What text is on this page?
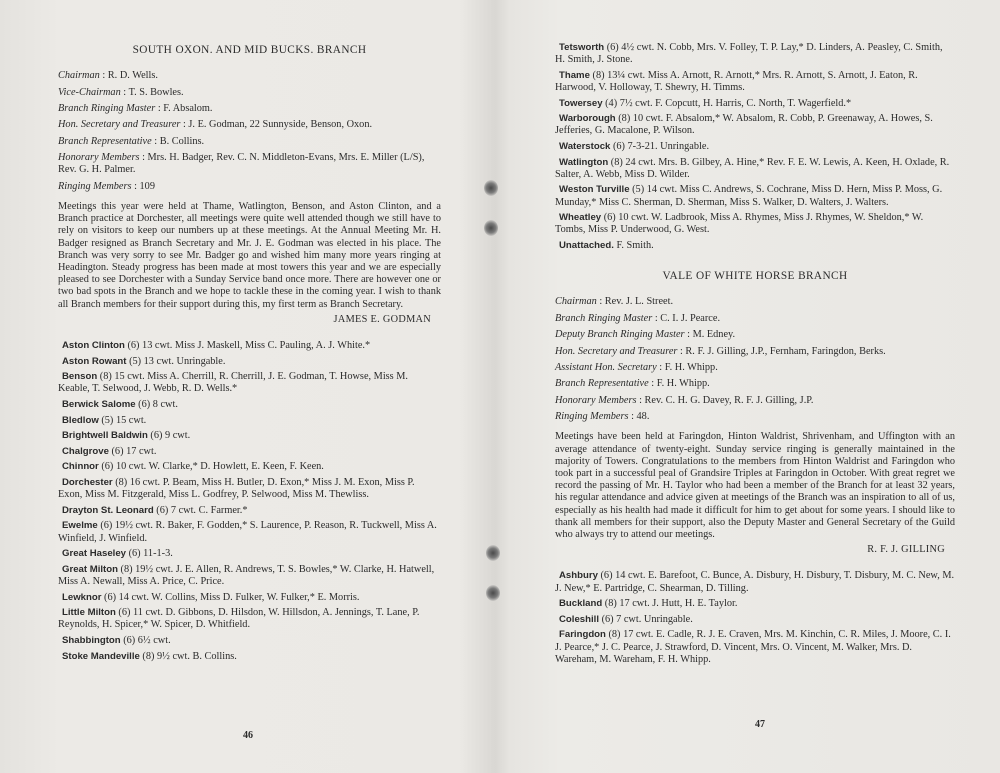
SOUTH OXON. AND MID BUCKS. BRANCH
Chairman : R. D. Wells.
Vice-Chairman : T. S. Bowles.
Branch Ringing Master : F. Absalom.
Hon. Secretary and Treasurer : J. E. Godman, 22 Sunnyside, Benson, Oxon.
Branch Representative : B. Collins.
Honorary Members : Mrs. H. Badger, Rev. C. N. Middleton-Evans, Mrs. E. Miller (L/S), Rev. G. H. Palmer.
Ringing Members : 109

Meetings this year were held at Thame, Watlington, Benson, and Aston Clinton, and a Branch practice at Dorchester, all meetings were quite well attended though we still have to rely on visitors to keep our numbers up at these meetings. At the Annual Meeting Mr. H. Badger resigned as Branch Secretary and Mr. J. E. Godman was elected in his place. The Branch was very sorry to see Mr. Badger go and wished him many more years ringing at Headington. Steady progress has been made at most towers this year and we are especially pleased to see Dorchester with a Sunday Service band once more. There are however one or two bad spots in the Branch and we hope to tackle these in the coming year. I wish to thank all Branch members for their support during this, my first term as Branch Secretary.

JAMES E. GODMAN
Aston Clinton (6) 13 cwt. Miss J. Maskell, Miss C. Pauling, A. J. White.*
Aston Rowant (5) 13 cwt. Unringable.
Benson (8) 15 cwt. Miss A. Cherrill, R. Cherrill, J. E. Godman, T. Howse, Miss M. Keable, T. Selwood, J. Webb, R. D. Wells.*
Berwick Salome (6) 8 cwt.
Bledlow (5) 15 cwt.
Brightwell Baldwin (6) 9 cwt.
Chalgrove (6) 17 cwt.
Chinnor (6) 10 cwt. W. Clarke,* D. Howlett, E. Keen, F. Keen.
Dorchester (8) 16 cwt. P. Beam, Miss H. Butler, D. Exon,* Miss J. M. Exon, Miss P. Exon, Miss M. Fitzgerald, Miss L. Godfrey, P. Selwood, Miss M. Thewliss.
Drayton St. Leonard (6) 7 cwt. C. Farmer.*
Ewelme (6) 19½ cwt. R. Baker, F. Godden,* S. Laurence, P. Reason, R. Tuckwell, Miss A. Winfield, J. Winfield.
Great Haseley (6) 11-1-3.
Great Milton (8) 19½ cwt. J. E. Allen, R. Andrews, T. S. Bowles,* W. Clarke, H. Hatwell, Miss A. Newall, Miss A. Price, C. Price.
Lewknor (6) 14 cwt. W. Collins, Miss D. Fulker, W. Fulker,* E. Morris.
Little Milton (6) 11 cwt. D. Gibbons, D. Hilsdon, W. Hillsdon, A. Jennings, T. Lane, P. Reynolds, H. Spicer,* W. Spicer, D. Whitfield.
Shabbington (6) 6½ cwt.
Stoke Mandeville (8) 9½ cwt. B. Collins.
46
47
Tetsworth (6) 4½ cwt. N. Cobb, Mrs. V. Folley, T. P. Lay,* D. Linders, A. Peasley, C. Smith, H. Smith, J. Stone.
Thame (8) 13¼ cwt. Miss A. Arnott, R. Arnott,* Mrs. R. Arnott, S. Arnott, J. Eaton, R. Harwood, V. Holloway, T. Shewry, H. Timms.
Towersey (4) 7½ cwt. F. Copcutt, H. Harris, C. North, T. Wagerfield.*
Warborough (8) 10 cwt. F. Absalom,* W. Absalom, R. Cobb, P. Greenaway, A. Howes, S. Jefferies, G. Macalone, P. Wilson.
Waterstock (6) 7-3-21. Unringable.
Watlington (8) 24 cwt. Mrs. B. Gilbey, A. Hine,* Rev. F. E. W. Lewis, A. Keen, H. Oxlade, R. Salter, A. Webb, Miss D. Wilder.
Weston Turville (5) 14 cwt. Miss C. Andrews, S. Cochrane, Miss D. Hern, Miss P. Moss, G. Munday,* Miss C. Sherman, D. Sherman, Miss S. Walker, D. Walters, J. Walters.
Wheatley (6) 10 cwt. W. Ladbrook, Miss A. Rhymes, Miss J. Rhymes, W. Sheldon,* W. Tombs, Miss P. Underwood, G. West.
Unattached. F. Smith.
VALE OF WHITE HORSE BRANCH
Chairman : Rev. J. L. Street.
Branch Ringing Master : C. I. J. Pearce.
Deputy Branch Ringing Master : M. Edney.
Hon. Secretary and Treasurer : R. F. J. Gilling, J.P., Fernham, Faringdon, Berks.
Assistant Hon. Secretary : F. H. Whipp.
Branch Representative : F. H. Whipp.
Honorary Members : Rev. C. H. G. Davey, R. F. J. Gilling, J.P.
Ringing Members : 48.

Meetings have been held at Faringdon, Hinton Waldrist, Shrivenham, and Uffington with an average attendance of twenty-eight. Sunday service ringing is generally maintained in the majority of Towers. Congratulations to the members from Hinton Waldrist and Faringdon who took part in a successful peal of Grandsire Triples at Faringdon in October. With great regret we record the passing of Mr. H. Taylor who had been a member of the Branch for at least 32 years, his regular attendance and advice given at meetings of the Branch was an inspiration to all of us, especially as his health had made it difficult for him to get about for some years. I should like to thank all members for their support, also the Deputy Master and General Secretary of the Guild who always try to attend our meetings.

R. F. J. GILLING
Ashbury (6) 14 cwt. E. Barefoot, C. Bunce, A. Disbury, H. Disbury, T. Disbury, M. C. New, M. J. New,* E. Partridge, C. Shearman, D. Tilling.
Buckland (8) 17 cwt. J. Hutt, H. E. Taylor.
Coleshill (6) 7 cwt. Unringable.
Faringdon (8) 17 cwt. E. Cadle, R. J. E. Craven, Mrs. M. Kinchin, C. R. Miles, J. Moore, C. I. J. Pearce,* J. C. Pearce, J. Strawford, D. Vincent, Mrs. O. Vincent, M. Walker, Mrs. D. Wareham, M. Wareham, F. H. Whipp.
